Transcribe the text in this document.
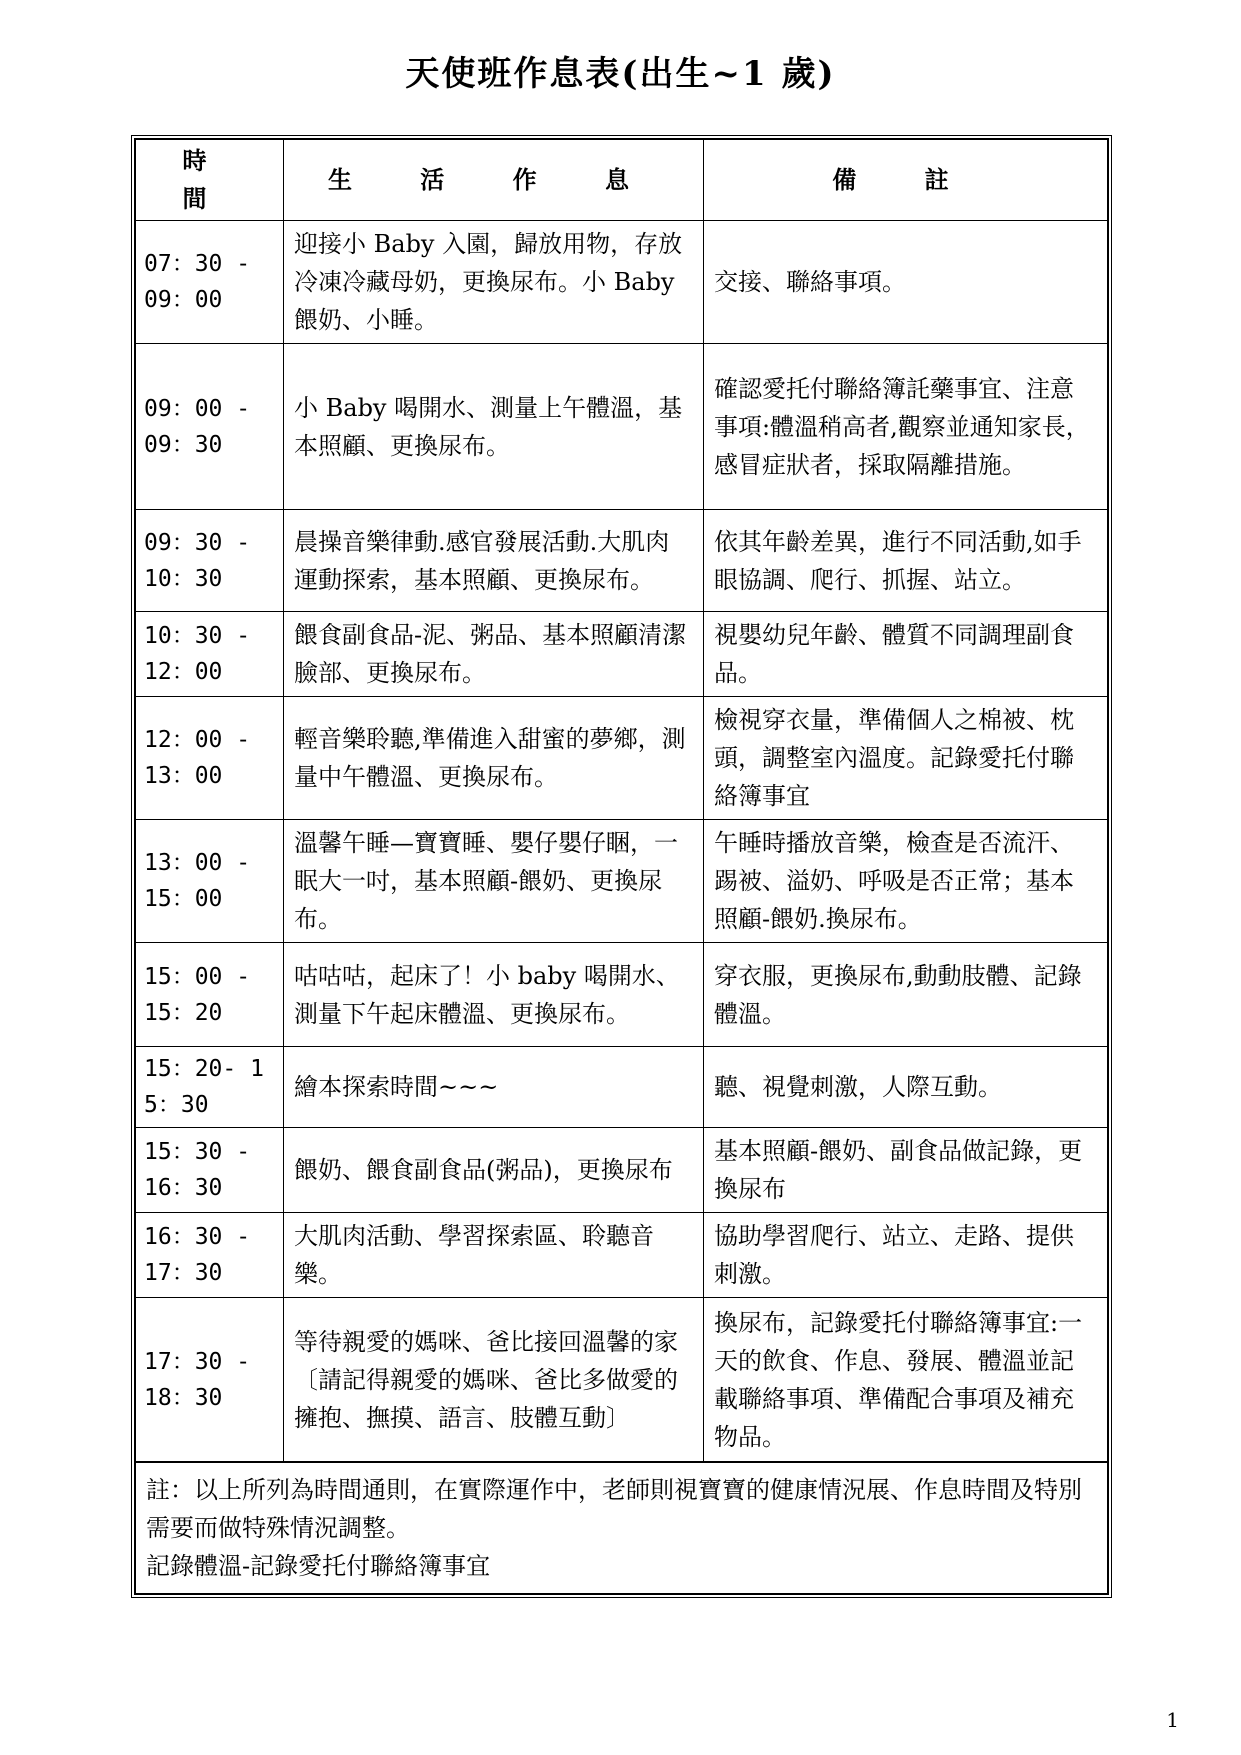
天使班作息表(出生~1 歲)
時 間	生 活 作 息	備 註
07：30 - 09：00	迎接小 Baby 入園，歸放用物，存放冷凍冷藏母奶，更換尿布。小 Baby 餵奶、小睡。	交接、聯絡事項。
09：00 - 09：30	小 Baby 喝開水、測量上午體溫，基本照顧、更換尿布。	確認愛托付聯絡簿託藥事宜、注意事項:體溫稍高者,觀察並通知家長，感冒症狀者，採取隔離措施。
09：30 - 10：30	晨操音樂律動.感官發展活動.大肌肉運動探索，基本照顧、更換尿布。	依其年齡差異，進行不同活動,如手眼協調、爬行、抓握、站立。
10：30 - 12：00	餵食副食品-泥、粥品、基本照顧清潔臉部、更換尿布。	視嬰幼兒年齡、體質不同調理副食品。
12：00 - 13：00	輕音樂聆聽,準備進入甜蜜的夢鄉，測量中午體溫、更換尿布。	檢視穿衣量，準備個人之棉被、枕頭，調整室內溫度。記錄愛托付聯絡簿事宜
13：00 - 15：00	溫馨午睡—寶寶睡、嬰仔嬰仔睏，一眠大一吋，基本照顧-餵奶、更換尿布。	午睡時播放音樂，檢查是否流汗、踢被、溢奶、呼吸是否正常；基本照顧-餵奶.換尿布。
15：00 - 15：20	咕咕咕，起床了！小 baby 喝開水、測量下午起床體溫、更換尿布。	穿衣服，更換尿布,動動肢體、記錄體溫。
15：20- 15：30	繪本探索時間~~~	聽、視覺刺激，人際互動。
15：30 - 16：30	餵奶、餵食副食品(粥品)，更換尿布	基本照顧-餵奶、副食品做記錄，更換尿布
16：30 - 17：30	大肌肉活動、學習探索區、聆聽音樂。	協助學習爬行、站立、走路、提供刺激。
17：30 - 18：30	等待親愛的媽咪、爸比接回溫馨的家〔請記得親愛的媽咪、爸比多做愛的擁抱、撫摸、語言、肢體互動〕	換尿布，記錄愛托付聯絡簿事宜:一天的飲食、作息、發展、體溫並記載聯絡事項、準備配合事項及補充物品。
註：以上所列為時間通則，在實際運作中，老師則視寶寶的健康情況展、作息時間及特別需要而做特殊情況調整。
記錄體溫-記錄愛托付聯絡簿事宜
1
